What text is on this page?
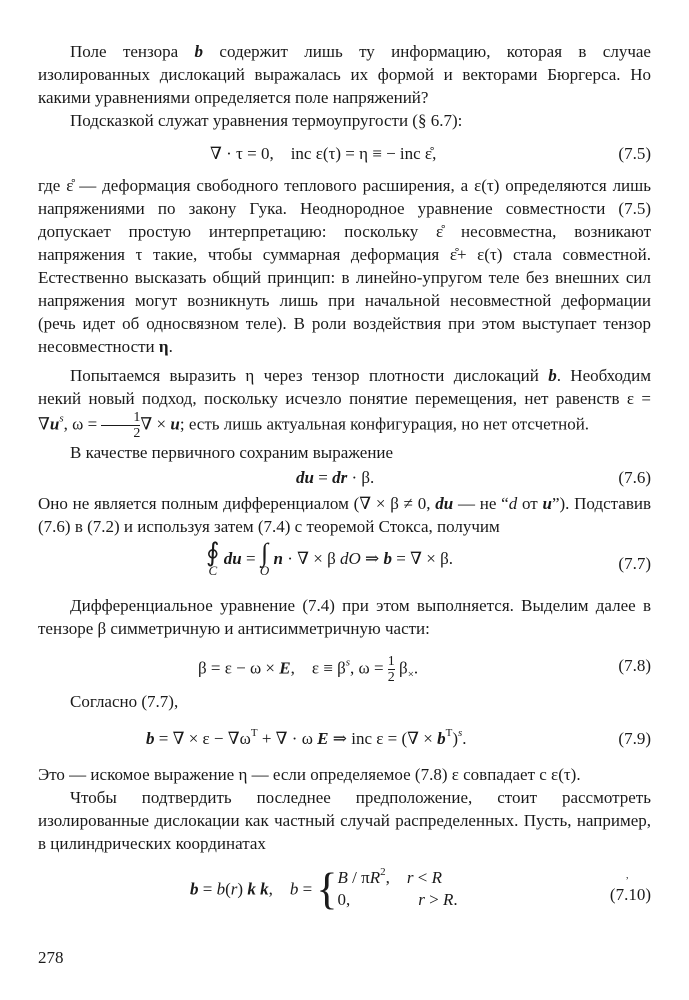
Поле тензора b содержит лишь ту информацию, которая в случае изолированных дислокаций выражалась их формой и векторами Бюргерса. Но какими уравнениями определяется поле напряжений?

Подсказкой служат уравнения термоупругости (§ 6.7):

∇ · τ = 0,    inc ε(τ) = η ≡ − inc ε̊,	(7.5)

где ε̊ — деформация свободного теплового расширения, а ε(τ) определяются лишь напряжениями по закону Гука. Неоднородное уравнение совместности (7.5) допускает простую интерпретацию: поскольку ε̊ несовместна, возникают напряжения τ такие, чтобы суммарная деформация ε̊+ ε(τ) стала совместной. Естественно высказать общий принцип: в линейно-упругом теле без внешних сил напряжения могут возникнуть лишь при начальной несовместной деформации (речь идет об односвязном теле). В роли воздействия при этом выступает тензор несовместности η.

Попытаемся выразить η через тензор плотности дислокаций b. Необходим некий новый подход, поскольку исчезло понятие перемещения, нет равенств $\varepsilon = \nabla u^s$, $\omega = \frac{1}{2}$ ∇ × u; есть лишь актуальная конфигурация, но нет отсчетной.

В качестве первичного сохраним выражение

du = dr · β.	(7.6)

Оно не является полным дифференциалом (∇ × β ≠ 0, du — не “d от u”). Подставив (7.6) в (7.2) и используя затем (7.4) с теоремой Стокса, получим

∮
C
du = ∫
O
n · ∇ × β dO ⇒ b = ∇ × β.	(7.7)

Дифференциальное уравнение (7.4) при этом выполняется. Выделим далее в тензоре β симметричную и антисимметричную части:

β = ε − ω × E,    $\varepsilon \equiv \beta^s$, $\omega = \frac{1}{2} \beta_\times$.	(7.8)

Согласно (7.7),

b = ∇ × $\varepsilon - \nabla\omega^T$ + ∇ · ω E ⇒ inc ε = (∇ × $b^T)^s$.	(7.9)

Это — искомое выражение η — если определяемое (7.8) ε совпадает с ε(τ).

Чтобы подтвердить последнее предположение, стоит рассмотреть изолированные дислокации как частный случай распределенных. Пусть, например, в цилиндрических координатах

b = b(r) k k,    b = { B / $\pi R^2$,    r < R
0,                r > R.	(7.10)
,
278
